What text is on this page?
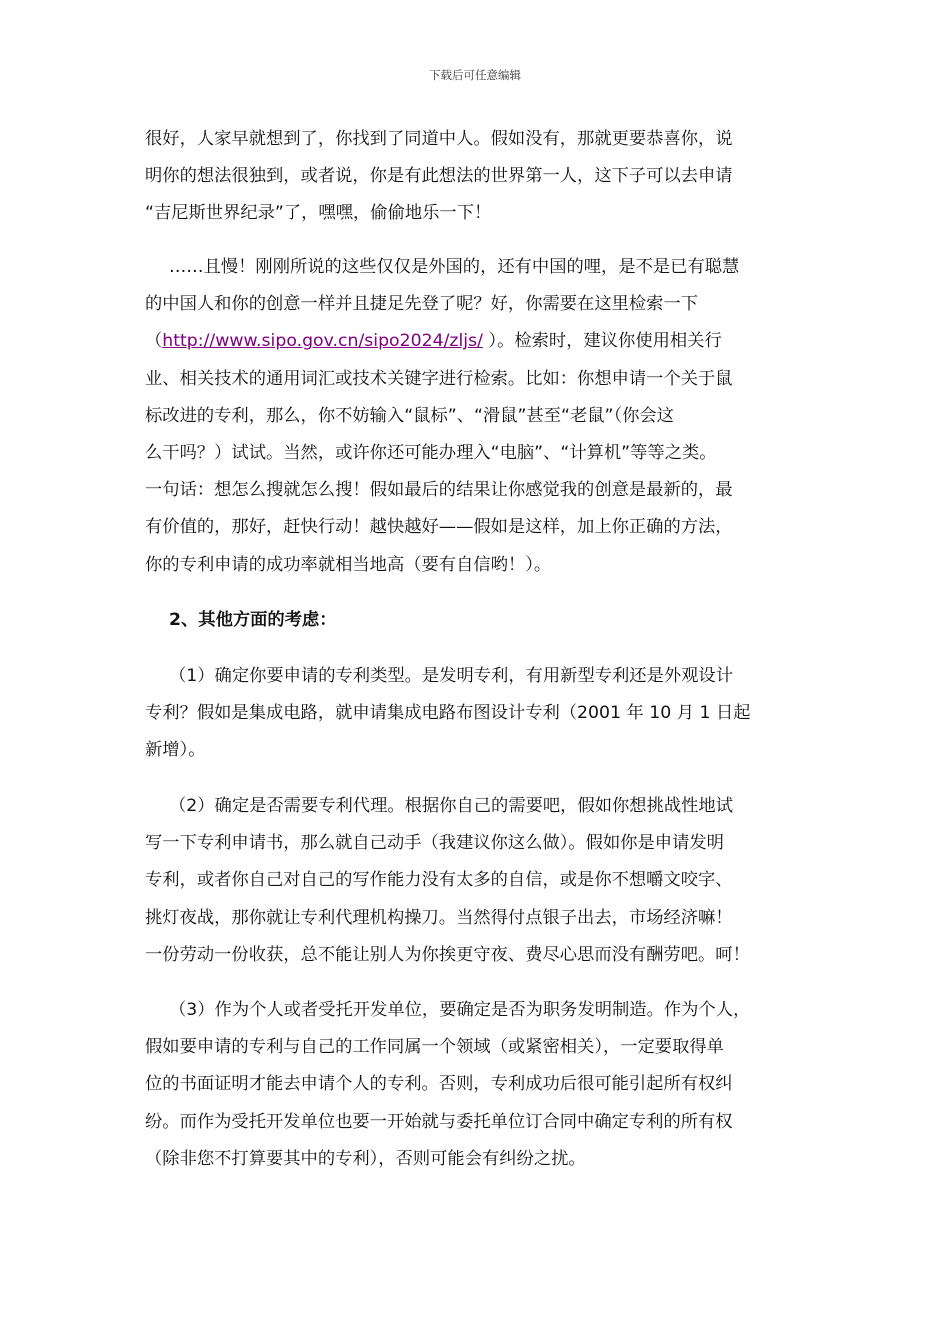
下载后可任意编辑
很好，人家早就想到了，你找到了同道中人。假如没有，那就更要恭喜你，说
明你的想法很独到，或者说，你是有此想法的世界第一人，这下子可以去申请
“吉尼斯世界纪录”了，嘿嘿，偷偷地乐一下！
……且慢！刚刚所说的这些仅仅是外国的，还有中国的哩，是不是已有聪慧
的中国人和你的创意一样并且捷足先登了呢？好，你需要在这里检索一下
（http://www.sipo.gov.cn/sipo2024/zljs/ ）。检索时，建议你使用相关行
业、相关技术的通用词汇或技术关键字进行检索。比如：你想申请一个关于鼠
标改进的专利，那么，你不妨输入“鼠标”、“滑鼠”甚至“老鼠”（你会这
么干吗？）试试。当然，或许你还可能办理入“电脑”、“计算机”等等之类。
一句话：想怎么搜就怎么搜！假如最后的结果让你感觉我的创意是最新的，最
有价值的，那好，赶快行动！越快越好——假如是这样，加上你正确的方法，
你的专利申请的成功率就相当地高（要有自信哟！）。
2、其他方面的考虑：
（1）确定你要申请的专利类型。是发明专利，有用新型专利还是外观设计
专利？假如是集成电路，就申请集成电路布图设计专利（2001 年 10 月 1 日起
新增）。
（2）确定是否需要专利代理。根据你自己的需要吧，假如你想挑战性地试
写一下专利申请书，那么就自己动手（我建议你这么做）。假如你是申请发明
专利，或者你自己对自己的写作能力没有太多的自信，或是你不想嚼文咬字、
挑灯夜战，那你就让专利代理机构操刀。当然得付点银子出去，市场经济嘛！
一份劳动一份收获，总不能让别人为你挨更守夜、费尽心思而没有酬劳吧。呵！
（3）作为个人或者受托开发单位，要确定是否为职务发明制造。作为个人，
假如要申请的专利与自己的工作同属一个领域（或紧密相关），一定要取得单
位的书面证明才能去申请个人的专利。否则，专利成功后很可能引起所有权纠
纷。而作为受托开发单位也要一开始就与委托单位订合同中确定专利的所有权
（除非您不打算要其中的专利），否则可能会有纠纷之扰。
